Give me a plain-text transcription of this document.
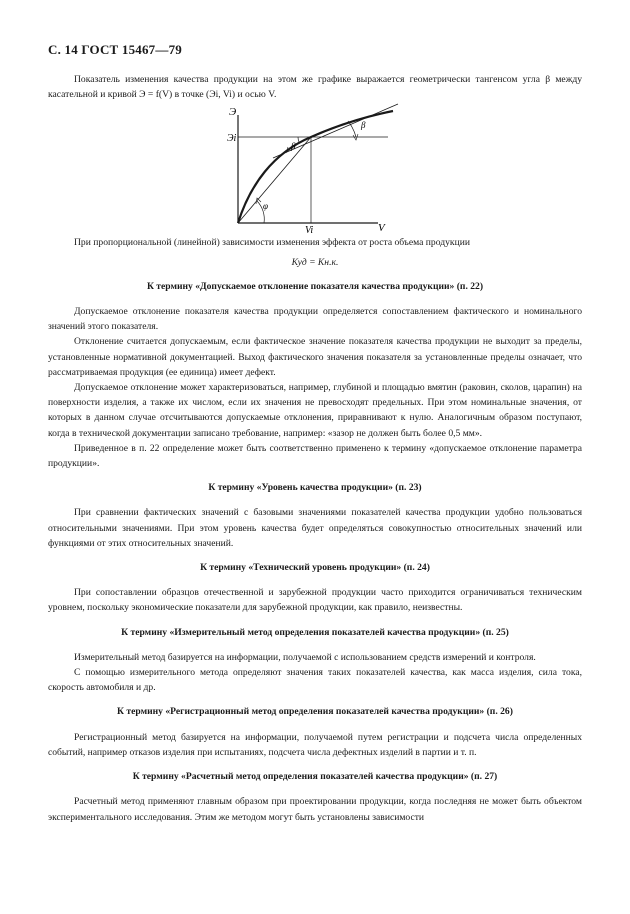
С. 14 ГОСТ 15467—79

Показатель изменения качества продукции на этом же графике выражается геометрически тангенсом угла β между касательной и кривой Э = f(V) в точке (Эi, Vi) и осью V.

Э
Эi
Vi	V
β
β
φ

При пропорциональной (линейной) зависимости изменения эффекта от роста объема продукции

Куд = Кн.к.
К термину «Допускаемое отклонение показателя качества продукции» (п. 22)

Допускаемое отклонение показателя качества продукции определяется сопоставлением фактического и номинального значений этого показателя.

Отклонение считается допускаемым, если фактическое значение показателя качества продукции не выходит за пределы, установленные нормативной документацией. Выход фактического значения показателя за установленные пределы означает, что рассматриваемая продукция (ее единица) имеет дефект.

Допускаемое отклонение может характеризоваться, например, глубиной и площадью вмятин (раковин, сколов, царапин) на поверхности изделия, а также их числом, если их значения не превосходят предельных. При этом номинальные значения, от которых в данном случае отсчитываются допускаемые отклонения, приравнивают к нулю. Аналогичным образом поступают, когда в технической документации записано требование, например: «зазор не должен быть более 0,5 мм».

Приведенное в п. 22 определение может быть соответственно применено к термину «допускаемое отклонение параметра продукции».

К термину «Уровень качества продукции» (п. 23)

При сравнении фактических значений с базовыми значениями показателей качества продукции удобно пользоваться относительными значениями. При этом уровень качества будет определяться совокупностью относительных значений или функциями от этих относительных значений.

К термину «Технический уровень продукции» (п. 24)

При сопоставлении образцов отечественной и зарубежной продукции часто приходится ограничиваться техническим уровнем, поскольку экономические показатели для зарубежной продукции, как правило, неизвестны.

К термину «Измерительный метод определения показателей качества продукции» (п. 25)

Измерительный метод базируется на информации, получаемой с использованием средств измерений и контроля.

С помощью измерительного метода определяют значения таких показателей качества, как масса изделия, сила тока, скорость автомобиля и др.

К термину «Регистрационный метод определения показателей качества продукции» (п. 26)

Регистрационный метод базируется на информации, получаемой путем регистрации и подсчета числа определенных событий, например отказов изделия при испытаниях, подсчета числа дефектных изделий в партии и т. п.

К термину «Расчетный метод определения показателей качества продукции» (п. 27)

Расчетный метод применяют главным образом при проектировании продукции, когда последняя не может быть объектом экспериментального исследования. Этим же методом могут быть установлены зависимости
